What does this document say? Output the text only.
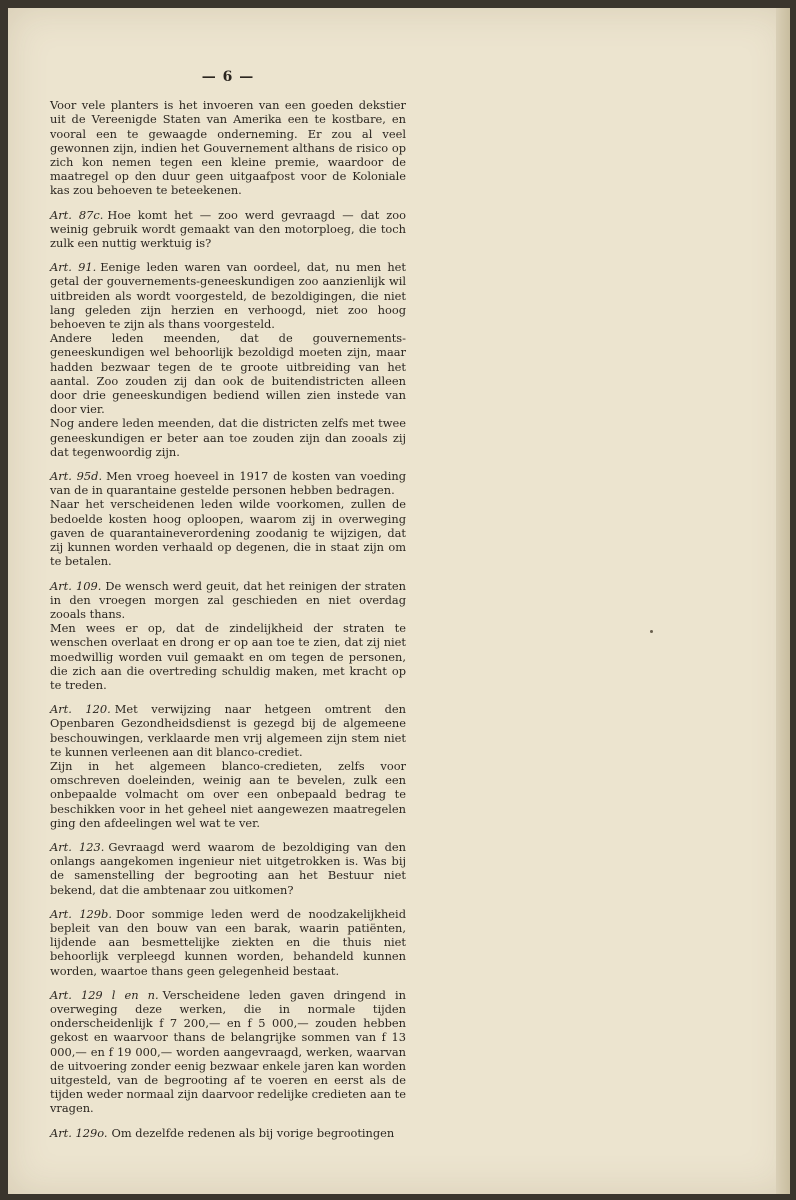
— 6 —
Voor vele planters is het invoeren van een goeden dekstier uit de Vereenigde Staten van Amerika een te kostbare, en vooral een te gewaagde onderneming. Er zou al veel gewonnen zijn, indien het Gouvernement althans de risico op zich kon nemen tegen een kleine premie, waardoor de maatregel op den duur geen uitgaafpost voor de Koloniale kas zou behoeven te beteekenen.
Art. 87c. Hoe komt het — zoo werd gevraagd — dat zoo weinig gebruik wordt gemaakt van den motorploeg, die toch zulk een nuttig werktuig is?
Art. 91. Eenige leden waren van oordeel, dat, nu men het getal der gouvernements-geneeskundigen zoo aanzienlijk wil uitbreiden als wordt voorgesteld, de bezoldigingen, die niet lang geleden zijn herzien en verhoogd, niet zoo hoog behoeven te zijn als thans voorgesteld.
Andere leden meenden, dat de gouvernements-geneeskundigen wel behoorlijk bezoldigd moeten zijn, maar hadden bezwaar tegen de te groote uitbreiding van het aantal. Zoo zouden zij dan ook de buitendistricten alleen door drie geneeskundigen bediend willen zien instede van door vier.
Nog andere leden meenden, dat die districten zelfs met twee geneeskundigen er beter aan toe zouden zijn dan zooals zij dat tegenwoordig zijn.
Art. 95d. Men vroeg hoeveel in 1917 de kosten van voeding van de in quarantaine gestelde personen hebben bedragen.
Naar het verscheidenen leden wilde voorkomen, zullen de bedoelde kosten hoog oploopen, waarom zij in overweging gaven de quarantaineverordening zoodanig te wijzigen, dat zij kunnen worden verhaald op degenen, die in staat zijn om te betalen.
Art. 109. De wensch werd geuit, dat het reinigen der straten in den vroegen morgen zal geschieden en niet overdag zooals thans.
Men wees er op, dat de zindelijkheid der straten te wenschen overlaat en drong er op aan toe te zien, dat zij niet moedwillig worden vuil gemaakt en om tegen de personen, die zich aan die overtreding schuldig maken, met kracht op te treden.
Art. 120. Met verwijzing naar hetgeen omtrent den Openbaren Gezondheidsdienst is gezegd bij de algemeene beschouwingen, verklaarde men vrij algemeen zijn stem niet te kunnen verleenen aan dit blanco-crediet.
Zijn in het algemeen blanco-credieten, zelfs voor omschreven doeleinden, weinig aan te bevelen, zulk een onbepaalde volmacht om over een onbepaald bedrag te beschikken voor in het geheel niet aangewezen maatregelen ging den afdeelingen wel wat te ver.
Art. 123. Gevraagd werd waarom de bezoldiging van den onlangs aangekomen ingenieur niet uitgetrokken is. Was bij de samenstelling der begrooting aan het Bestuur niet bekend, dat die ambtenaar zou uitkomen?
Art. 129b. Door sommige leden werd de noodzakelijkheid bepleit van den bouw van een barak, waarin patiënten, lijdende aan besmettelijke ziekten en die thuis niet behoorlijk verpleegd kunnen worden, behandeld kunnen worden, waartoe thans geen gelegenheid bestaat.
Art. 129 l en n. Verscheidene leden gaven dringend in overweging deze werken, die in normale tijden onderscheidenlijk f 7 200,— en f 5 000,— zouden hebben gekost en waarvoor thans de belangrijke sommen van f 13 000,— en f 19 000,— worden aangevraagd, werken, waarvan de uitvoering zonder eenig bezwaar enkele jaren kan worden uitgesteld, van de begrooting af te voeren en eerst als de tijden weder normaal zijn daarvoor redelijke credieten aan te vragen.
Art. 129o. Om dezelfde redenen als bij vorige begrootingen
